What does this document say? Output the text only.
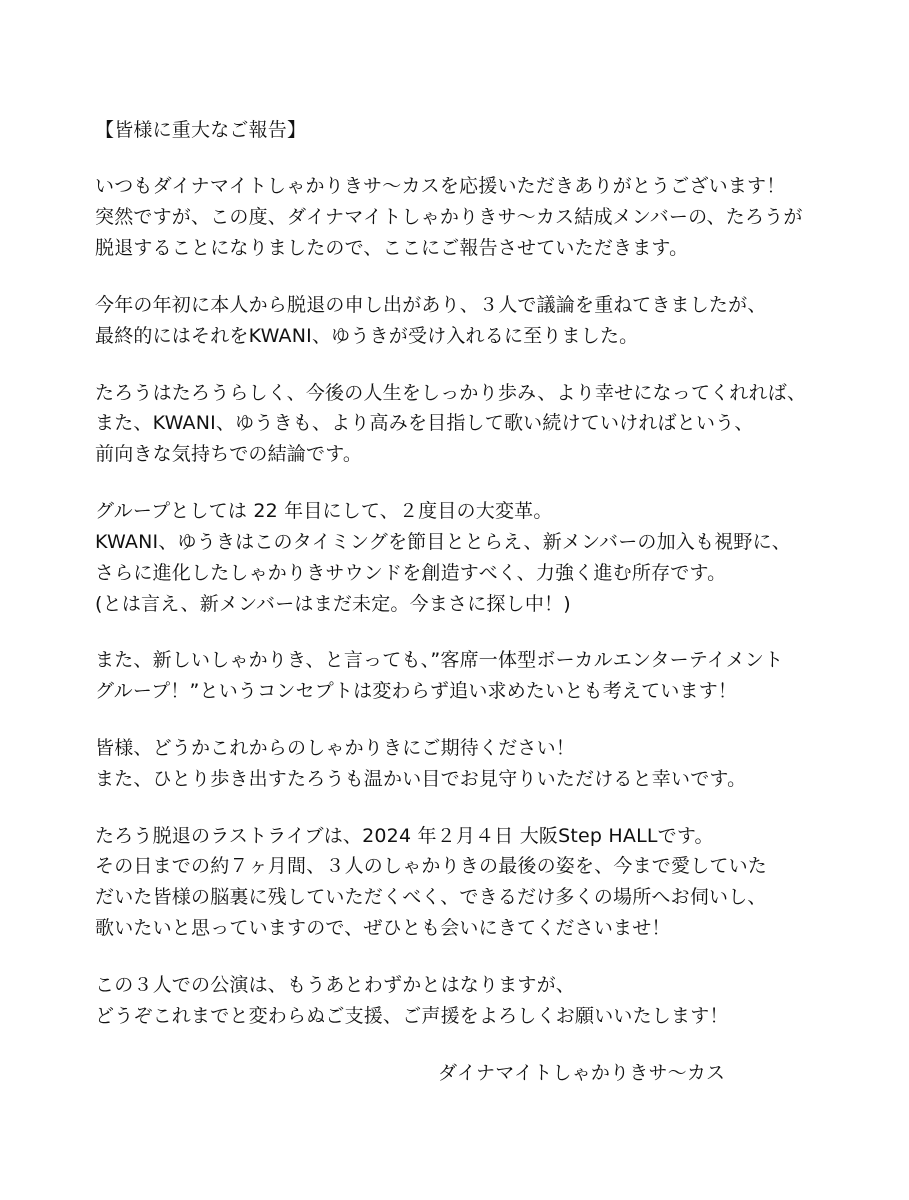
【皆様に重大なご報告】
いつもダイナマイトしゃかりきサ〜カスを応援いただきありがとうございます！
突然ですが、この度、ダイナマイトしゃかりきサ〜カス結成メンバーの、たろうが
脱退することになりましたので、ここにご報告させていただきます。
今年の年初に本人から脱退の申し出があり、３人で議論を重ねてきましたが、
最終的にはそれをKWANI、ゆうきが受け入れるに至りました。
たろうはたろうらしく、今後の人生をしっかり歩み、より幸せになってくれれば、
また、KWANI、ゆうきも、より高みを目指して歌い続けていければという、
前向きな気持ちでの結論です。
グループとしては 22 年目にして、２度目の大変革。
KWANI、ゆうきはこのタイミングを節目ととらえ、新メンバーの加入も視野に、
さらに進化したしゃかりきサウンドを創造すべく、力強く進む所存です。
(とは言え、新メンバーはまだ未定。今まさに探し中！)
また、新しいしゃかりき、と言っても、”客席一体型ボーカルエンターテイメント
グループ！”というコンセプトは変わらず追い求めたいとも考えています！
皆様、どうかこれからのしゃかりきにご期待ください！
また、ひとり歩き出すたろうも温かい目でお見守りいただけると幸いです。
たろう脱退のラストライブは、2024 年２月４日 大阪Step HALLです。
その日までの約７ヶ月間、３人のしゃかりきの最後の姿を、今まで愛していた
だいた皆様の脳裏に残していただくべく、できるだけ多くの場所へお伺いし、
歌いたいと思っていますので、ぜひとも会いにきてくださいませ！
この３人での公演は、もうあとわずかとはなりますが、
どうぞこれまでと変わらぬご支援、ご声援をよろしくお願いいたします！
ダイナマイトしゃかりきサ〜カス
